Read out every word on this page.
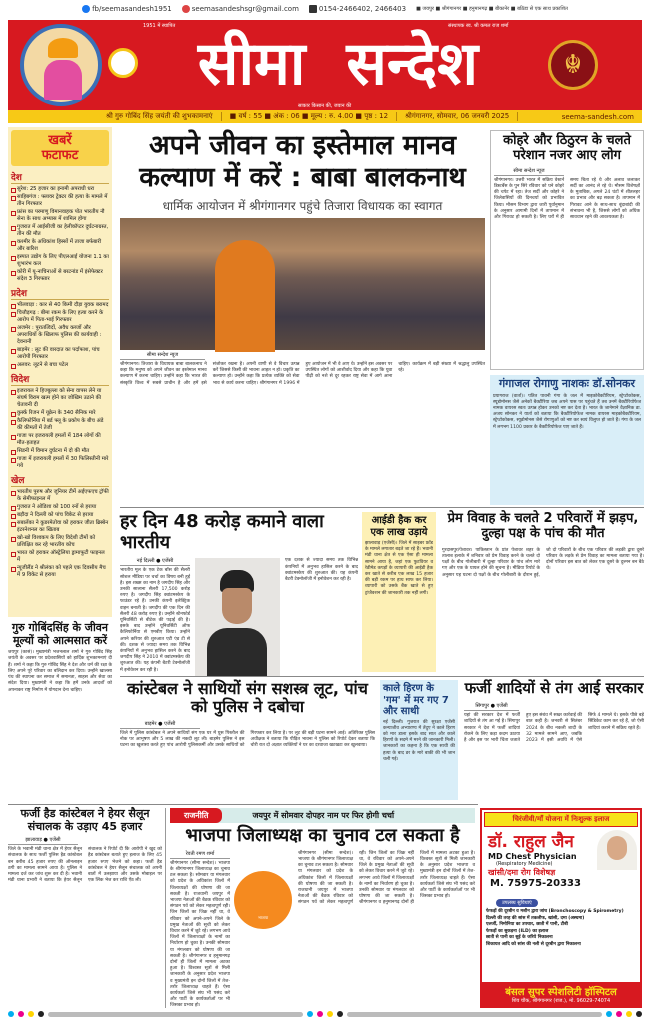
fb/seemasandesh1951	seemasandeshsgr@gmail.com	0154-2466402, 2466403 ■ जयपुर ■ श्रीगंगानगर ■ हनुमानगढ़ ■ बीकानेर ■ बठिंडा से एक साथ प्रकाशित
सीमा सन्देश
1951 में स्थापित	संस्थापक स्व. श्री कमल राज शर्मा
साकार किसान की, जवान की
☬
श्री गुरु गोबिंद सिंह जयंती की शुभकामनाएं	■ वर्ष : 55 ■ अंक : 06 ■ मूल्य : रु. 4.00 ■ पृष्ठ : 12	श्रीगंगानगर, सोमवार, 06 जनवरी 2025	seema-sandesh.com
खबरें फटाफट
देश
सुरेश: 25 हजार का इनामी अपराधी धरा
साहिबगंज : फ्लावर ट्रेक्टर की हत्या के मामले में तीन गिरफ्तार
फ्रांस का परमाणु विमानवाहक पोत भारतीय नौ सेना के साथ अभ्यास में शामिल होगा
गुजरात में आईसीजी का हेलीकॉप्टर दुर्घटनाग्रस्त, तीन की मौत
कश्मीर के अधिकांश हिस्सों में ताजा बर्फबारी और बारिश
इस्पात उद्योग के लिए पीएलआई योजना 1.1 का शुभारंभ कल
कोरी में यू-नाचिनाओं से बरटनांड में इंसेफेक्टर संदेश 3 गिरफ्तार
प्रदेश
भीलवाड़ा : कार से 40 किमी दौड़ा युवक बरामद
चित्तौड़गढ़ : बीमा रकम के लिए हत्या करने के आरोप में पिता-भाई गिरफ्तार
अजमेर : पुरातत्विदों, अवैध कब्जों और अपराधियों के खिलाफ पुलिस की कार्यवाही : देवनानी
बाड़मेर : लूट की वारदात का पर्दाफाश, पांच आरोपी गिरफ्तार
अलवर: लूटने से बचा पटेल
विदेश
इजरायल ने हिज्बुल्ला को सेना वापस लेने या संघर्ष विराम खत्म होने का जोखिम उठाने की चेतावनी दी
कुर्स्क रिजन में यूक्रेन के 340 सैनिक मारे
कैलिफोर्निया में बर्ड फ्लू के प्रकोप के बीच अंडे की कीमतों में तेजी
गाजा पर इजरायली हमलों में 184 लोगों की मौत-हताहत
सिडनी में विमान दुर्घटना में दो की मौत
गाजा में इजरायली हमलों में 30 फिलिस्तीनी मारे गये
खेल
भारतीय पुरुष और जूनियर टीमें अईएफएच ट्रॉफी के सेमीफाइनल में
गुजरात ने ओडिशा को 100 रनों से हराया
बड़ौदा ने दिल्ली को पांच विकेट से हराया
सबालेंका ने कुडरमेतोवा को हराकर जीता ब्रिस्बेन इंटरनेशनल का खिताब
खो-खो विश्वकप के लिए विदेशी टीमों को प्रशिक्षित कर रहे भारतीय कोच
भारत को हराकर ऑस्ट्रेलिया ड्रामाफूटी फाइनल में
न्यूजीलैंड ने श्रीलंका को पहले एक दिवसीय मैच में 9 विकेट से हराया
गुरु गोबिंदसिंह के जीवन मूल्यों को आत्मसात करें
जयपुर (कासं)। मुख्यमंत्री भजनलाल शर्मा ने गुरु गोबिंद सिंह जयंती के अवसर पर प्रदेशवासियों को हार्दिक शुभकामनाएं दी हैं। शर्मा ने कहा कि गुरु गोबिंद सिंह ने देश और धर्म की रक्षा के लिए अपने पूरे परिवार का बलिदान कर दिया। उन्होंने खालसा पंथ की स्थापना कर समाज में समानता, साहस और सेवा का संदेश दिया। मुख्यमंत्री ने कहा कि हमें उनके आदर्शों को अपनाकर राष्ट्र निर्माण में योगदान देना चाहिए।
अपने जीवन का इस्तेमाल मानव कल्याण में करें : बाबा बालकनाथ
धार्मिक आयोजन में श्रीगंगानगर पहुंचे तिजारा विधायक का स्वागत
सीमा सन्देश न्यूज
श्रीगंगानगर। तिजारा के विधायक बाबा बालकनाथ ने कहा कि मनुष्य को अपने जीवन का इस्तेमाल मानव कल्याण में करना चाहिए। उन्होंने कहा कि भारत की संस्कृति विश्व में सबसे प्राचीन है और हमें इसे संजोकर रखना है। अपनी वाणी से वे विचार उत्पन्न करें जिससे किसी की भावना आहत न हो। प्रकृति का कल्याण हो। उन्होंने कहा कि प्रत्येक व्यक्ति को सेवा भाव से कार्य करना चाहिए। श्रीगंगानगर में 1996 में हुए आयोजन में भी वे आए थे। उन्होंने इस अवसर पर उपस्थित लोगों को आशीर्वाद दिया और कहा कि युवा पीढ़ी को नशे से दूर रहकर राष्ट्र सेवा में आगे आना चाहिए। कार्यक्रम में बड़ी संख्या में श्रद्धालु उपस्थित रहे।
कोहरे और ठिठुरन के चलते परेशान नजर आए लोग
सीमा सन्देश न्यूज
श्रीगंगानगर। उत्तरी भारत में सक्रिय वेस्टर्न डिस्टर्बेंस के पुन सिरे रविवार को घने कोहरे की चपेट में रहा। तेज सर्दी और कोहरे ने जिलेवासियों की दिनचर्या को प्रभावित किया। मौसम विभाग द्वारा जारी पूर्वानुमान के अनुसार आगामी दिनों में तापमान में और गिरावट हो सकती है। लिए घरों में ही समय बिता रहे थे और अलाव जलाकर सर्दी का आनंद ले रहे थे। मौसम विशेषज्ञों के मुताबिक, अगले 24 घंटों में शीतलहर का प्रभाव और बढ़ सकता है। तापमान में गिरावट आने के साथ-साथ बूंदाबांदी की संभावना भी है, जिससे लोगों को अधिक सावधान रहने की आवश्यकता है।
गंगाजल रोगाणु नाशकः डॉ.सोनकर
प्रयागराज (वार्ता)। पतित पावनी गंगा के जल में माइकोबैक्टीरियम, स्ट्रेप्टोकोकस, स्यूडोमोनस जैसे अनेकों बैक्टीरिया जब अपने पास पर पहुंचते हैं तब उनमें बैक्टीरियोफेज नामक वायरस स्वतः उत्पन्न होकर उनको नष्ट कर देता है। भारत के जानेमाने वैज्ञानिक डा. अजय सोनकर ने यार्ता को बताया कि बैक्टीरियोफेज नामक वायरस माइकोबैक्टीरियम, स्ट्रेप्टोकोकस, स्यूडोमोनस जैसे रोगाणुओं को नष्ट कर स्वयं विलुप्त हो जाते हैं। गंगा के जल में लगभग 1100 प्रकार के बैक्टीरियोफेज पाए जाते हैं।
हर दिन 48 करोड़ कमाने वाला भारतीय
नई दिल्ली ● एजेंसी
भारतीय मूल के एक टेक बॉस की सैलरी सोशल मीडिया पर चर्चा का विषय बनी हुई है। इस शख्स का नाम है जगदीप सिंह और उनकी सालाना सैलरी 17,500 करोड़ रुपए है। जगदीप सिंह क्वांटमस्केप के फाउंडर रहे हैं। उनकी कंपनी इलेक्ट्रिक वाहन बनाती है। जगदीप की एक दिन की सैलरी 48 करोड़ रुपए है। उन्होंने स्टैनफोर्ड यूनिवर्सिटी से बीटेक की पढ़ाई की है। इसके बाद उन्होंने यूनिवर्सिटी ऑफ कैलिफोर्निया से एमबीए किया। उन्होंने अपने करियर की शुरुआत एटी एंड टी से की। दशक से ज्यादा समय तक विभिन्न कंपनियों में अनुभव हासिल करने के बाद जगदीप सिंह ने 2010 में क्वांटमस्केप की शुरुआत की। यह कंपनी बैटरी टेक्नोलॉजी में इनोवेशन कर रही है।
एक दशक से ज्यादा समय तक विभिन्न कंपनियों में अनुभव हासिल करने के बाद क्वांटमस्केप की शुरुआत की। यह कंपनी बैटरी टेक्नोलॉजी में इनोवेशन कर रही है।
आईडी हैक कर एक लाख उड़ाये
झालावाड़ (एजेंसी)। जिले में साइबर फ्रॉड के मामले लगातार बढ़ते जा रहे हैं। भवानी मंडी थाना क्षेत्र से एक ऐसा ही मामला सामने आया है, जहां एक फुटवियर व रेडीमेड कपड़ों के व्यापारी की आईडी हैक कर खाते से करीब एक लाख 15 हजार की बड़ी रकम पर हाथ साफ कर लिया। व्यापारी को उसके बैंक खाते से हुए ट्रांजैक्शन की जानकारी तक नहीं लगी।
प्रेम विवाह के चलते 2 परिवारों में झड़प, दुल्हा पक्ष के पांच की मौत
गुरदासपुर/पेशावर। पाकिस्तान के प्रांत पेशावर शहर के तालाब इलाके में शनिवार को प्रेम विवाह करने के चलते दो पक्षों के बीच गोलीबारी में दूल्हा परिवार के पांच लोग मारे गए और एक के घायल होने की सूचना है। मीडिया रिपोर्ट के अनुसार यह घटना दो पक्षों के बीच गोलीबारी के दौरान हुई, जो दो परिवारों के बीच एक परिवार की लड़की द्वारा दूसरे परिवार के लड़के से प्रेम विवाह का मामला बताया गया है। दोनों परिवार इस बात को लेकर एक दूसरे के दुश्मन बन बैठे थे।
कांस्टेबल ने साथियों संग सशस्त्र लूट, पांच को पुलिस ने दबोचा
बाड़मेर ● एजेंसी
जिले में पुलिस कांस्टेबल ने अपने साथियों संग एक घर में घुस पिस्तौल की नोक पर आभूषण और 5 लाख की नकदी लूट ली। बाड़मेर पुलिस ने इस घटना का खुलासा करते हुए पांच आरोपी पुलिसकर्मी और उसके साथियों को गिरफ्तार कर लिया है। पर लूट की बड़ी घटना सामने आई। अतिरिक्त पुलिस अधीक्षक ने बताया कि पीड़ित भावना ने पुलिस को रिपोर्ट देकर बताया कि चोरी रात दो अज्ञात व्यक्तियों ने घर का दरवाजा खटखटा कर खुलवाया।
काले हिरण के 'गम' में मर गए 7 और साथी
नई दिल्ली। गुजरात की सुरक्षा एजेंसी कन्याजीव अभ्यारण्य में तेंदुए ने काले हिरण को मार डाला इसके बाद सात और काले हिरणों के सदमे में मरने की जानकारी मिली। जानकारों का कहना है कि एक साथी की हत्या के बाद डर के मारे बाकी की भी जान चली गई।
फर्जी शादियों से तंग आई सरकार
सिंगापुर ● एजेंसी
यहां की सरकार देश में फर्जी शादियों से तंग आ गई है। सिंगापुर सरकार ने देश में फर्जी शादियां रोकने के लिए कड़ा कदम उठाया है और इस पर भारी चिंता जताते हुए इस संबंध में सख्त कार्रवाई की बात कही है। जनवरी से सितंबर 2024 के बीच नकली शादी के 32 मामले सामने आए, जबकि 2023 में इसी अवधि में ऐसे सिर्फ 4 मामले थे। इसके पीछे बड़े सिंडिकेट काम कर रहे हैं, जो ऐसी शादियां कराने में सक्रिय रहते हैं।
फर्जी हैड कांस्टेबल ने हेयर सैलून संचालक के उड़ाए 45 हजार
झालावाड़ ● एजेंसी
जिले के भवानी मंडी थाना क्षेत्र में हेयर सैलून संचालक के साथ फर्जी पुलिस हैड कांस्टेबल बन करीब 45 हजार रुपए की ऑनलाइन ठगी का मामला सामने आया है। पुलिस ने मामला दर्ज कर जांच शुरू कर दी है। भवानी मंडी थाना प्रभारी ने बताया कि हेयर सैलून संचालक ने रिपोर्ट दी कि आरोपी ने खुद को हैड कांस्टेबल बताते हुए इलाज के लिए 45 हजार रुपए भेजने को कहा। फर्जी हैड कांस्टेबल ने हेयर सैलून संचालक को अपनी बातों में उलझाया और उसके मोबाइल पर एक लिंक भेज कर राशि ऐंठ ली।
राजनीति	जयपुर में सोमवार दोपहर नाम पर फिर होगी चर्चा
भाजपा जिलाध्यक्ष का चुनाव टल सकता है
रेवती रमण शर्मा
श्रीगंगानगर (सीमा सन्देश)। भाजपा के श्रीगंगानगर जिलाध्यक्ष का चुनाव टल सकता है। सोमवार या मंगलवार को प्रदेश के अधिकांश जिलों में जिलाध्यक्षों की घोषणा की जा सकती है। राजधानी जयपुर में भाजपा नेताओं की बैठक रविवार को संगठन पर्व को लेकर महत्वपूर्ण रही। जिन जिलों का जिक्र नहीं था, वे रविवार को अपने-अपने जिले के प्रमुख नेताओं की सूची को लेकर विचार करने में जुटे रहे। लगभग आधे जिलों में जिलाध्यक्षों के नामों का निर्धारण हो चुका है। उनकी सोमवार या मंगलवार को घोषणा की जा सकती है। श्रीगंगानगर व हनुमानगढ़ दोनों ही जिलों में मामला अटका हुआ है। विश्वस्त सूत्रों से मिली जानकारी के अनुसार प्रदेश भाजपा व मुख्यमंत्री इन दोनों जिलों में तेज-तर्रार जिलाध्यक्ष चाहते हैं। ऐसा कार्यकर्ता जिसे संघ भी पसंद करे और पार्टी के कार्यकर्ताओं पर भी जिसका प्रभाव हो।
भाजपा
श्रीगंगानगर (सीमा सन्देश)। भाजपा के श्रीगंगानगर जिलाध्यक्ष का चुनाव टल सकता है। सोमवार या मंगलवार को प्रदेश के अधिकांश जिलों में जिलाध्यक्षों की घोषणा की जा सकती है। राजधानी जयपुर में भाजपा नेताओं की बैठक रविवार को संगठन पर्व को लेकर महत्वपूर्ण रही। जिन जिलों का जिक्र नहीं था, वे रविवार को अपने-अपने जिले के प्रमुख नेताओं की सूची को लेकर विचार करने में जुटे रहे। लगभग आधे जिलों में जिलाध्यक्षों के नामों का निर्धारण हो चुका है। उनकी सोमवार या मंगलवार को घोषणा की जा सकती है। श्रीगंगानगर व हनुमानगढ़ दोनों ही जिलों में मामला अटका हुआ है। विश्वस्त सूत्रों से मिली जानकारी के अनुसार प्रदेश भाजपा व मुख्यमंत्री इन दोनों जिलों में तेज-तर्रार जिलाध्यक्ष चाहते हैं। ऐसा कार्यकर्ता जिसे संघ भी पसंद करे और पार्टी के कार्यकर्ताओं पर भी जिसका प्रभाव हो।
चिरंजीवी/माँ योजना में निःशुल्क इलाज
डॉ. राहुल जैन
MD Chest Physician
(Respiratory Medicine)
खांसी/दमा रोग विशेषज्ञ
M. 75975-20333
उपलब्ध सुविधाएं
फेफड़ों की दूरबीन व मशीन द्वारा जांच (Bronchoscopy & Spirometry)
दिल्ली की तरह की सांस में तकलीफ, खांसी, दमा (अस्थमा)
एलर्जी, निमोनिया का उपचार, छाती में पानी, टीबी
फेफड़ों का सुकड़ना (ILD) का इलाज
छाती से पानी का सुई के जरिये निकालना
शिकायत आदि को सांस की नली से दूरबीन द्वारा निकालना
बंसल सुपर स्पेशलिटी हॉस्पिटल
शिव चौक, श्रीगंगानगर (राज.), मो. 96029-74074
